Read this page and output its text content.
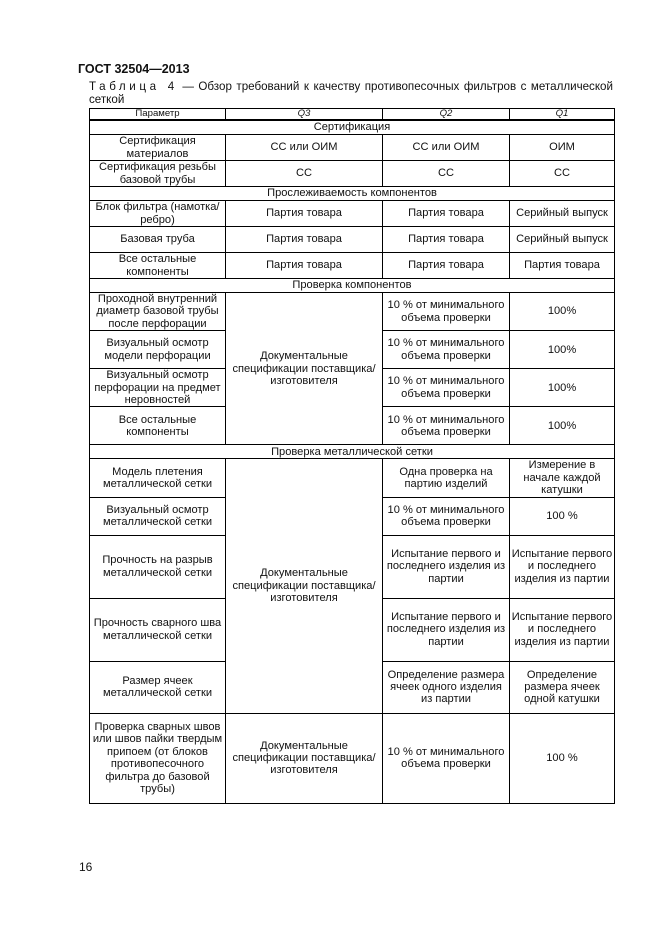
ГОСТ 32504—2013
Таблица 4 — Обзор требований к качеству противопесочных фильтров с металлической сеткой
Параметр	Q3	Q2	Q1
Сертификация			
Сертификация материалов	СС или ОИМ	СС или ОИМ	ОИМ
Сертификация резьбы базовой трубы	СС	СС	СС
Прослеживаемость компонентов			
Блок фильтра (намотка/ребро)	Партия товара	Партия товара	Серийный выпуск
Базовая труба	Партия товара	Партия товара	Серийный выпуск
Все остальные компоненты	Партия товара	Партия товара	Партия товара
Проверка компонентов			
Проходной внутренний диаметр базовой трубы после перфорации	Документальные спецификации поставщика/ изготовителя	10 % от минимального объема проверки	100%
Визуальный осмотр модели перфорации		10 % от минимального объема проверки	100%
Визуальный осмотр перфорации на предмет неровностей		10 % от минимального объема проверки	100%
Все остальные компоненты		10 % от минимального объема проверки	100%
Проверка металлической сетки			
Модель плетения металлической сетки	Документальные спецификации поставщика/ изготовителя	Одна проверка на партию изделий	Измерение в начале каждой катушки
Визуальный осмотр металлической сетки		10 % от минимального объема проверки	100 %
Прочность на разрыв металлической сетки		Испытание первого и последнего изделия из партии	Испытание первого и последнего изделия из партии
Прочность сварного шва металлической сетки		Испытание первого и последнего изделия из партии	Испытание первого и последнего изделия из партии
Размер ячеек металлической сетки		Определение размера ячеек одного изделия из партии	Определение размера ячеек одной катушки
Проверка сварных швов или швов пайки твердым припоем (от блоков противопесочного фильтра до базовой трубы)	Документальные спецификации поставщика/ изготовителя	10 % от минимального объема проверки	100 %
16
